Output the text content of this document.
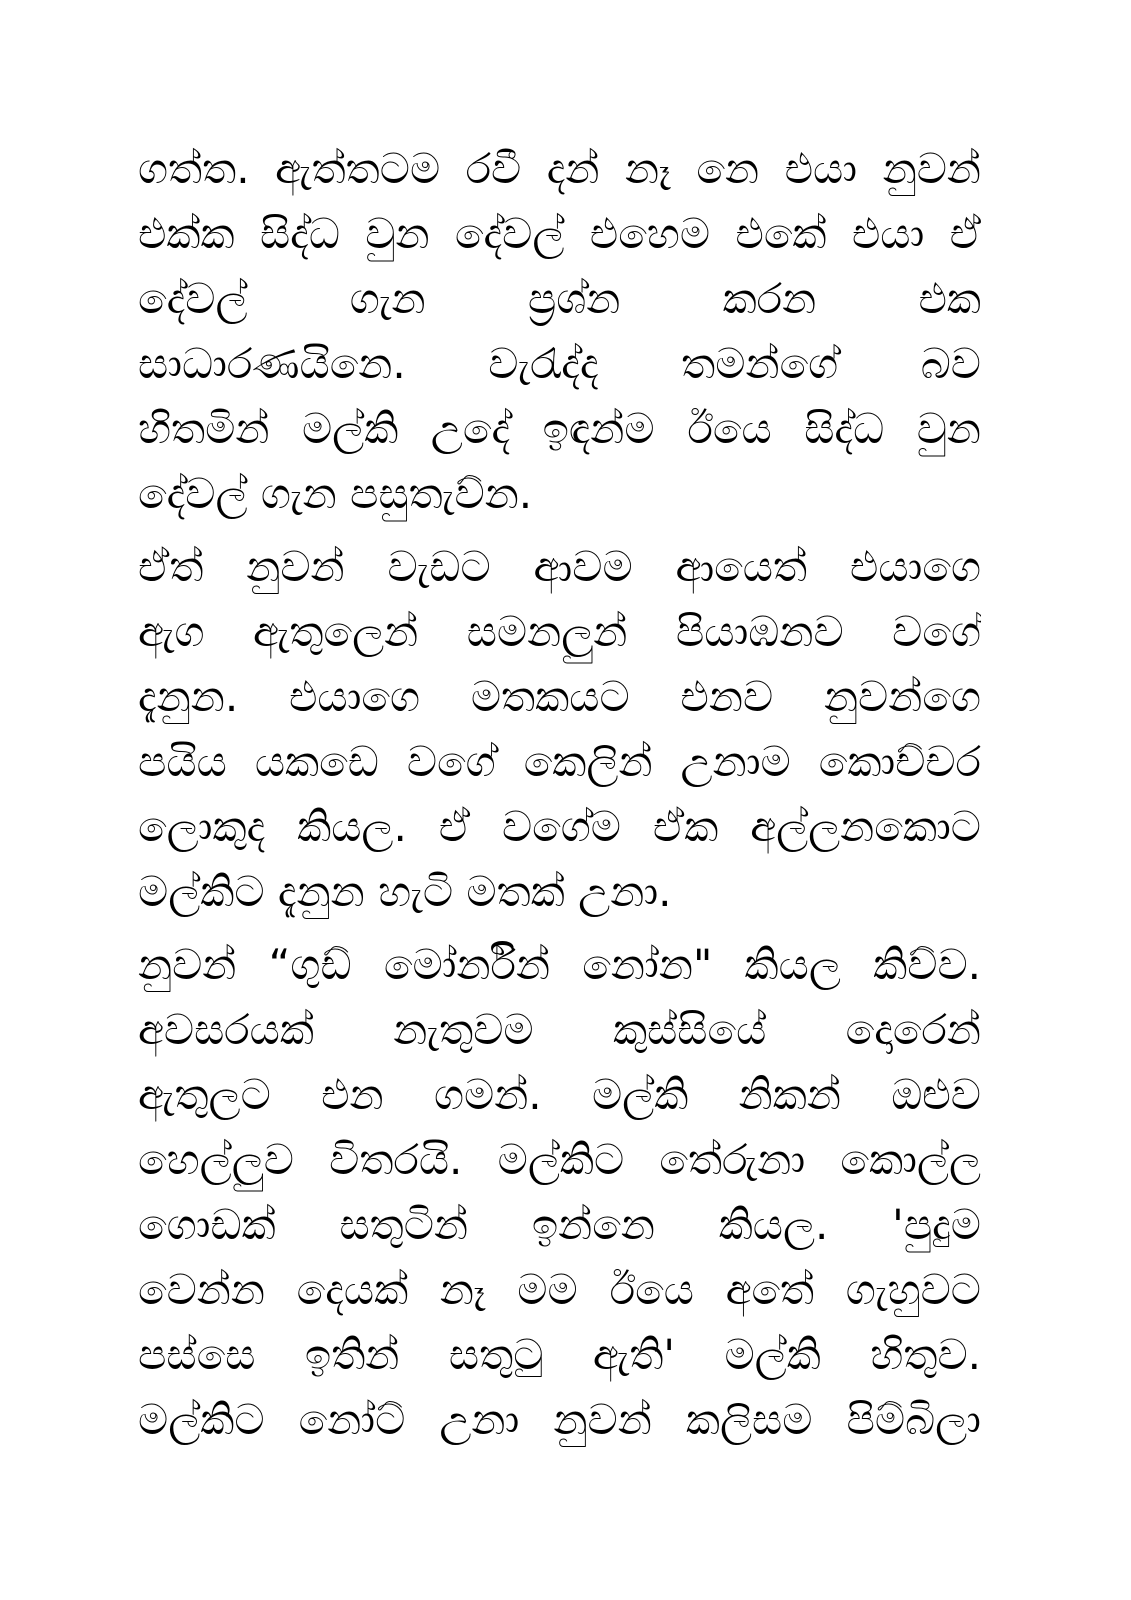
ගත්ත. ඇත්තටම රවී දන් නෑ නෙ එයා නුවන්
එක්ක සිද්ධ වුන දේවල් එහෙම එකේ එයා ඒ
දේවල් ගැන ප්‍රශ්න කරන එක
සාධාරණයිනෙ. වැරැද්ද තමන්ගේ බව
හිතමින් මල්කි උදේ ඉඳන්ම ඊයෙ සිද්ධ වුන
දේවල් ගැන පසුතැව්න.
ඒත් නුවන් වැඩට ආවම ආයෙත් එයාගෙ
ඇග ඇතුලෙන් සමනලුන් පියාඹනව වගේ
දැනුන. එයාගෙ මතකයට එනව නුවන්ගෙ
පයිය යකඩෙ වගේ කෙලින් උනාම කොච්චර
ලොකුද කියල. ඒ වගේම ඒක අල්ලනකොට
මල්කිට දැනුන හැටි මතක් උනා.
නුවන් “ගුඩ් මෝර්නින් නෝන" කියල කිව්ව.
අවසරයක් නැතුවම කුස්සියේ දොරෙන්
ඇතුලට එන ගමන්. මල්කි නිකන් ඔළුව
හෙල්ලුව විතරයි. මල්කිට තේරුනා කොල්ල
ගොඩක් සතුටින් ඉන්නෙ කියල. 'පුදුම
වෙන්න දෙයක් නෑ මම ඊයෙ අතේ ගැහුවට
පස්සෙ ඉතින් සතුටු ඇති' මල්කි හිතුව.
මල්කිට නෝට් උනා නුවන් කලිසම පිම්බිලා
